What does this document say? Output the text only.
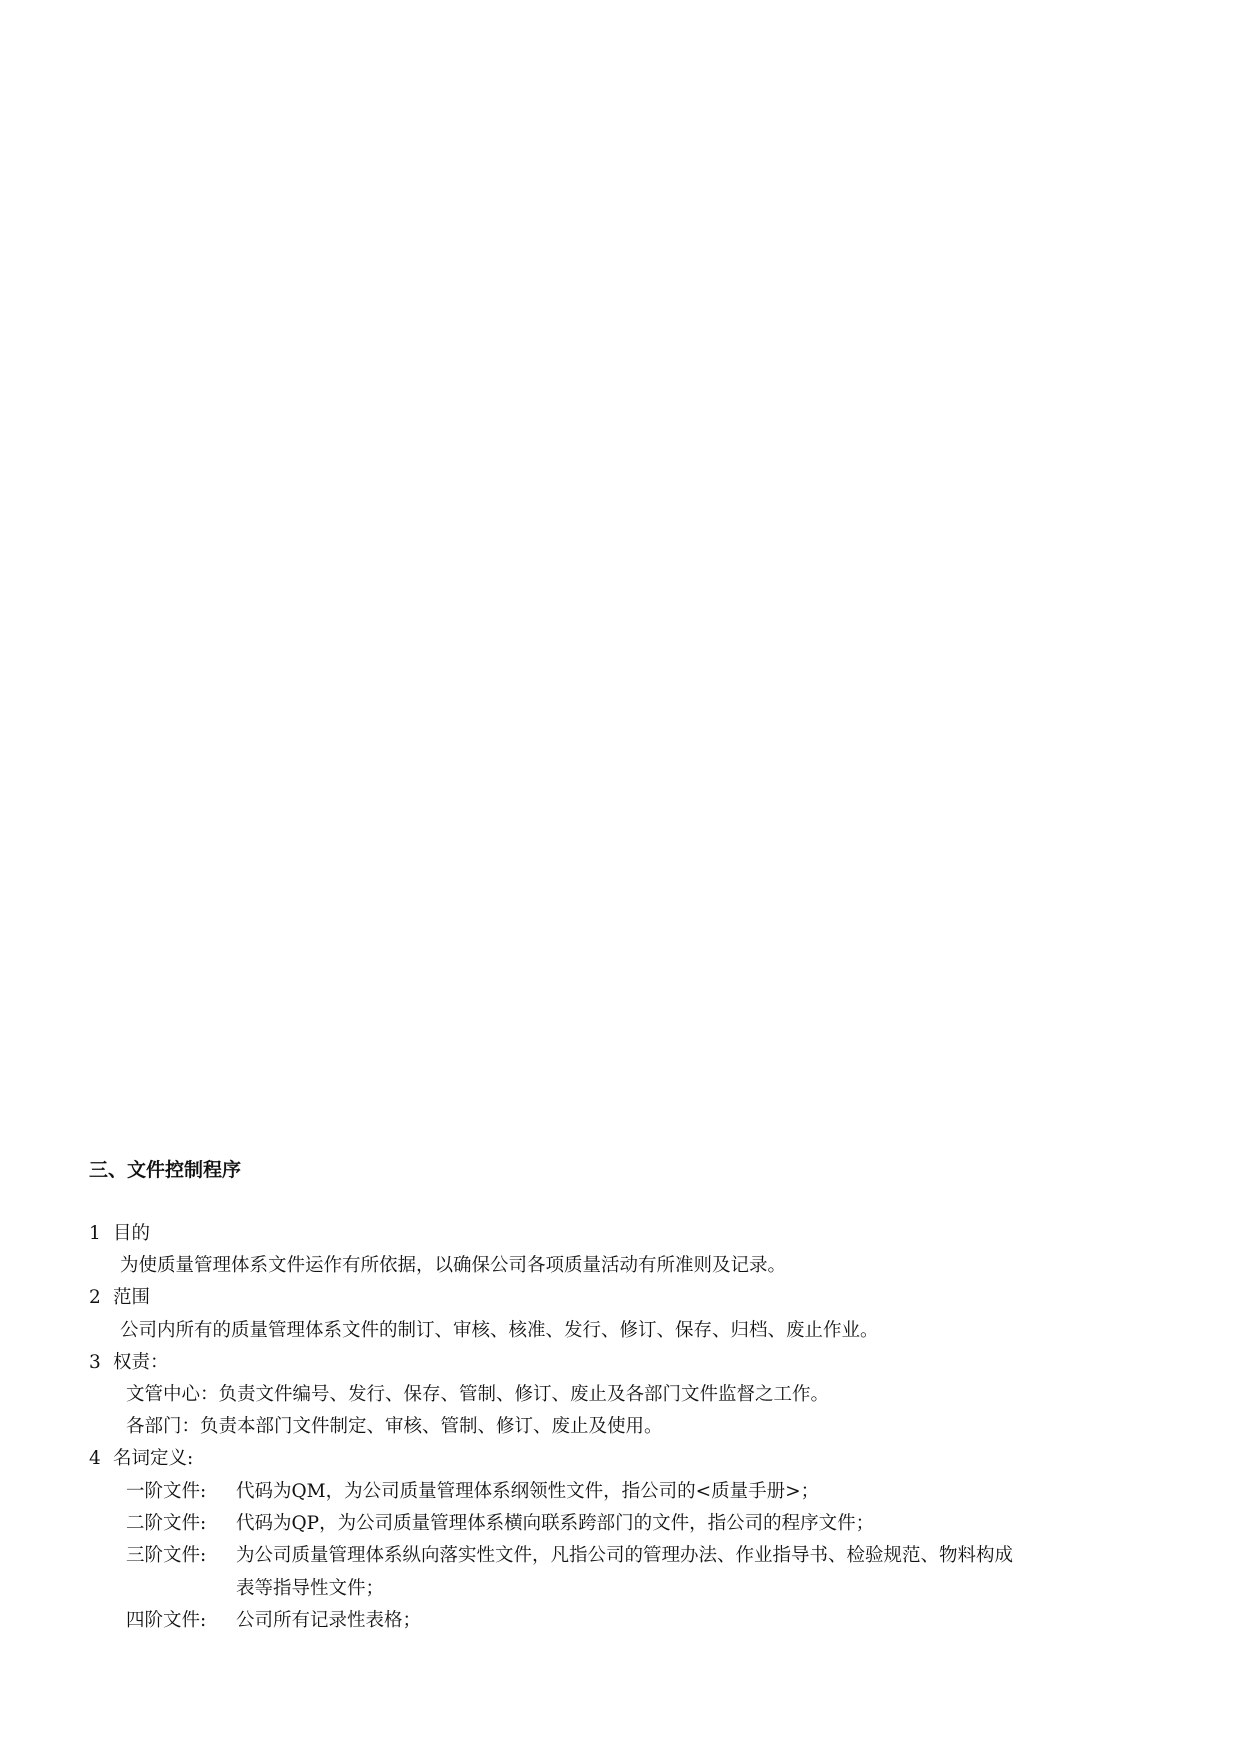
三、文件控制程序
1 目的
为使质量管理体系文件运作有所依据，以确保公司各项质量活动有所准则及记录。
2 范围
公司内所有的质量管理体系文件的制订、审核、核准、发行、修订、保存、归档、废止作业。
3 权责：
文管中心：负责文件编号、发行、保存、管制、修订、废止及各部门文件监督之工作。
各部门：负责本部门文件制定、审核、管制、修订、废止及使用。
4 名词定义:
一阶文件: 代码为QM，为公司质量管理体系纲领性文件，指公司的<质量手册>；
二阶文件: 代码为QP，为公司质量管理体系横向联系跨部门的文件，指公司的程序文件；
三阶文件: 为公司质量管理体系纵向落实性文件，凡指公司的管理办法、作业指导书、检验规范、物料构成
表等指导性文件；
四阶文件: 公司所有记录性表格；
